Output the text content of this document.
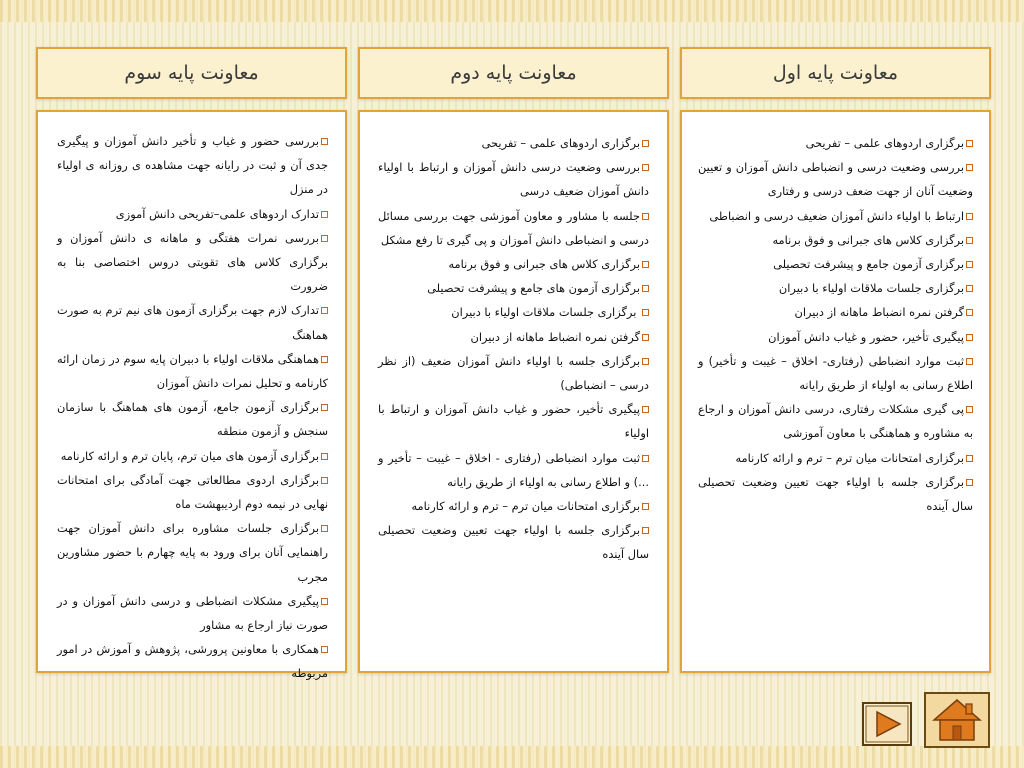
معاونت پایه اول
معاونت پایه دوم
معاونت پایه سوم
برگزاری اردوهای علمی – تفریحی
بررسی وضعیت درسی و انضباطی دانش آموزان و تعیین وضعیت آنان از جهت ضعف درسی و رفتاری
ارتباط با اولیاء دانش آموزان ضعیف درسی و انضباطی
برگزاری کلاس های جبرانی و فوق برنامه
برگزاری آزمون جامع و پیشرفت تحصیلی
برگزاری جلسات ملاقات اولیاء با دبیران
گرفتن نمره انضباط ماهانه از دبیران
پیگیری تأخیر، حضور و غیاب دانش آموزان
ثبت موارد انضباطی (رفتاری- اخلاق – غیبت و تأخیر) و اطلاع رسانی به اولیاء از طریق رایانه
پی گیری مشکلات رفتاری، درسی دانش آموزان و ارجاع به مشاوره و هماهنگی با معاون آموزشی
برگزاری امتحانات میان ترم – ترم و ارائه کارنامه
برگزاری جلسه با اولیاء جهت تعیین وضعیت تحصیلی سال آینده
برگزاری اردوهای علمی – تفریحی
بررسی وضعیت درسی دانش آموزان و ارتباط با اولیاء دانش آموزان ضعیف درسی
جلسه با مشاور و معاون آموزشی جهت بررسی مسائل درسی و انضباطی دانش آموزان و پی گیری تا رفع مشکل
برگزاری کلاس های جبرانی و فوق برنامه
برگزاری آزمون های جامع و پیشرفت تحصیلی
برگزاری جلسات ملاقات اولیاء با دبیران
گرفتن نمره انضباط ماهانه از دبیران
برگزاری جلسه با اولیاء دانش آموزان ضعیف (از نظر درسی – انضباطی)
پیگیری تأخیر، حضور و غیاب دانش آموزان و ارتباط با اولیاء
ثبت موارد انضباطی (رفتاری - اخلاق – غیبت – تأخیر و ...) و اطلاع رسانی به اولیاء از طریق رایانه
برگزاری امتحانات میان ترم – ترم و ارائه کارنامه
برگزاری جلسه با اولیاء جهت تعیین وضعیت تحصیلی سال آینده
بررسی حضور و غیاب و تأخیر دانش آموزان و پیگیری جدی آن و ثبت در رایانه جهت مشاهده ی روزانه ی اولیاء در منزل
تدارک اردوهای علمی–تفریحی دانش آموزی
بررسی نمرات هفتگی و ماهانه ی دانش آموزان و برگزاری کلاس های تقویتی دروس اختصاصی بنا به ضرورت
تدارک لازم جهت برگزاری آزمون های نیم ترم به صورت هماهنگ
هماهنگی ملاقات اولیاء با دبیران پایه سوم در زمان ارائه کارنامه و تحلیل نمرات دانش آموزان
برگزاری آزمون جامع، آزمون های هماهنگ با سازمان سنجش و آزمون منطقه
برگزاری آزمون های میان ترم، پایان ترم و ارائه کارنامه
برگزاری اردوی مطالعاتی جهت آمادگی برای امتحانات نهایی در نیمه دوم اردیبهشت ماه
برگزاری جلسات مشاوره برای دانش آموزان جهت راهنمایی آنان برای ورود به پایه چهارم با حضور مشاورین مجرب
پیگیری مشکلات انضباطی و درسی دانش آموزان و در صورت نیاز ارجاع به مشاور
همکاری با معاونین پرورشی، پژوهش و آموزش در امور مربوطه
